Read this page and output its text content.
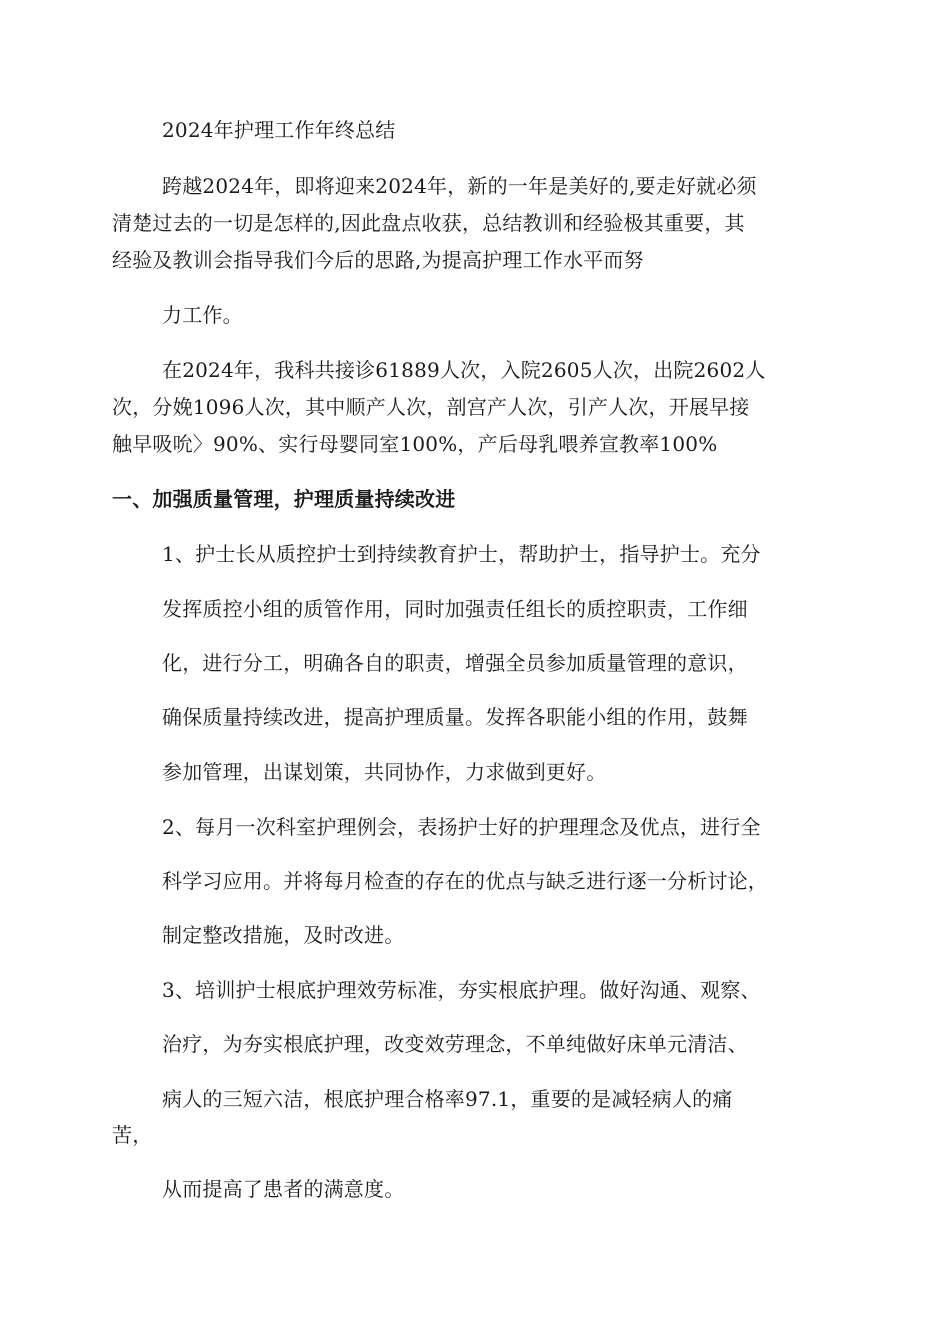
2024年护理工作年终总结

跨越2024年，即将迎来2024年，新的一年是美好的,要走好就必须

清楚过去的一切是怎样的,因此盘点收获，总结教训和经验极其重要，其

经验及教训会指导我们今后的思路,为提高护理工作水平而努

力工作。

在2024年，我科共接诊61889人次，入院2605人次，出院2602人

次，分娩1096人次，其中顺产人次，剖宫产人次，引产人次，开展早接

触早吸吮〉90%、实行母婴同室100%，产后母乳喂养宣教率100%

一、加强质量管理，护理质量持续改进

1、护士长从质控护士到持续教育护士，帮助护士，指导护士。充分

发挥质控小组的质管作用，同时加强责任组长的质控职责，工作细

化，进行分工，明确各自的职责，增强全员参加质量管理的意识，

确保质量持续改进，提高护理质量。发挥各职能小组的作用，鼓舞

参加管理，出谋划策，共同协作，力求做到更好。

2、每月一次科室护理例会，表扬护士好的护理理念及优点，进行全

科学习应用。并将每月检查的存在的优点与缺乏进行逐一分析讨论，

制定整改措施，及时改进。

3、培训护士根底护理效劳标准，夯实根底护理。做好沟通、观察、

治疗，为夯实根底护理，改变效劳理念，不单纯做好床单元清洁、

病人的三短六洁，根底护理合格率97.1，重要的是减轻病人的痛

苦，

从而提高了患者的满意度。
